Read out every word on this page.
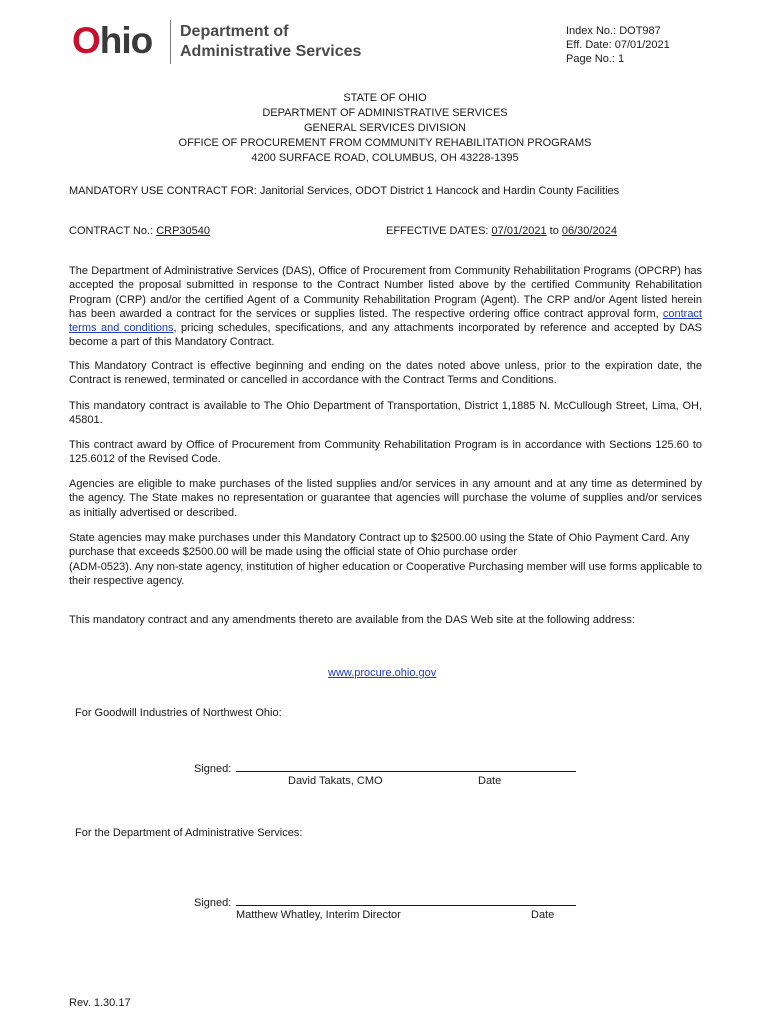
Ohio Department of
Administrative Services
Index No.: DOT987
Eff. Date: 07/01/2021
Page No.: 1
STATE OF OHIO
DEPARTMENT OF ADMINISTRATIVE SERVICES
GENERAL SERVICES DIVISION
OFFICE OF PROCUREMENT FROM COMMUNITY REHABILITATION PROGRAMS
4200 SURFACE ROAD, COLUMBUS, OH 43228-1395
MANDATORY USE CONTRACT FOR: Janitorial Services, ODOT District 1 Hancock and Hardin County Facilities
CONTRACT No.: CRP30540	EFFECTIVE DATES: 07/01/2021 to 06/30/2024

The Department of Administrative Services (DAS), Office of Procurement from Community Rehabilitation Programs (OPCRP) has accepted the proposal submitted in response to the Contract Number listed above by the certified Community Rehabilitation Program (CRP) and/or the certified Agent of a Community Rehabilitation Program (Agent). The CRP and/or Agent listed herein has been awarded a contract for the services or supplies listed. The respective ordering office contract approval form, contract terms and conditions, pricing schedules, specifications, and any attachments incorporated by reference and accepted by DAS become a part of this Mandatory Contract.

This Mandatory Contract is effective beginning and ending on the dates noted above unless, prior to the expiration date, the Contract is renewed, terminated or cancelled in accordance with the Contract Terms and Conditions.

This mandatory contract is available to The Ohio Department of Transportation, District 1,1885 N. McCullough Street, Lima, OH, 45801.

This contract award by Office of Procurement from Community Rehabilitation Program is in accordance with Sections 125.60 to 125.6012 of the Revised Code.

Agencies are eligible to make purchases of the listed supplies and/or services in any amount and at any time as determined by the agency. The State makes no representation or guarantee that agencies will purchase the volume of supplies and/or services as initially advertised or described.

State agencies may make purchases under this Mandatory Contract up to $2500.00 using the State of Ohio Payment Card. Any
purchase that exceeds $2500.00 will be made using the official state of Ohio purchase order
(ADM-0523). Any non-state agency, institution of higher education or Cooperative Purchasing member will use forms applicable to their respective agency.
This mandatory contract and any amendments thereto are available from the DAS Web site at the following address:
www.procure.ohio.gov
For Goodwill Industries of Northwest Ohio:
Signed:
David Takats, CMO	Date
For the Department of Administrative Services:
Signed:
Matthew Whatley, Interim Director	Date
Rev. 1.30.17
